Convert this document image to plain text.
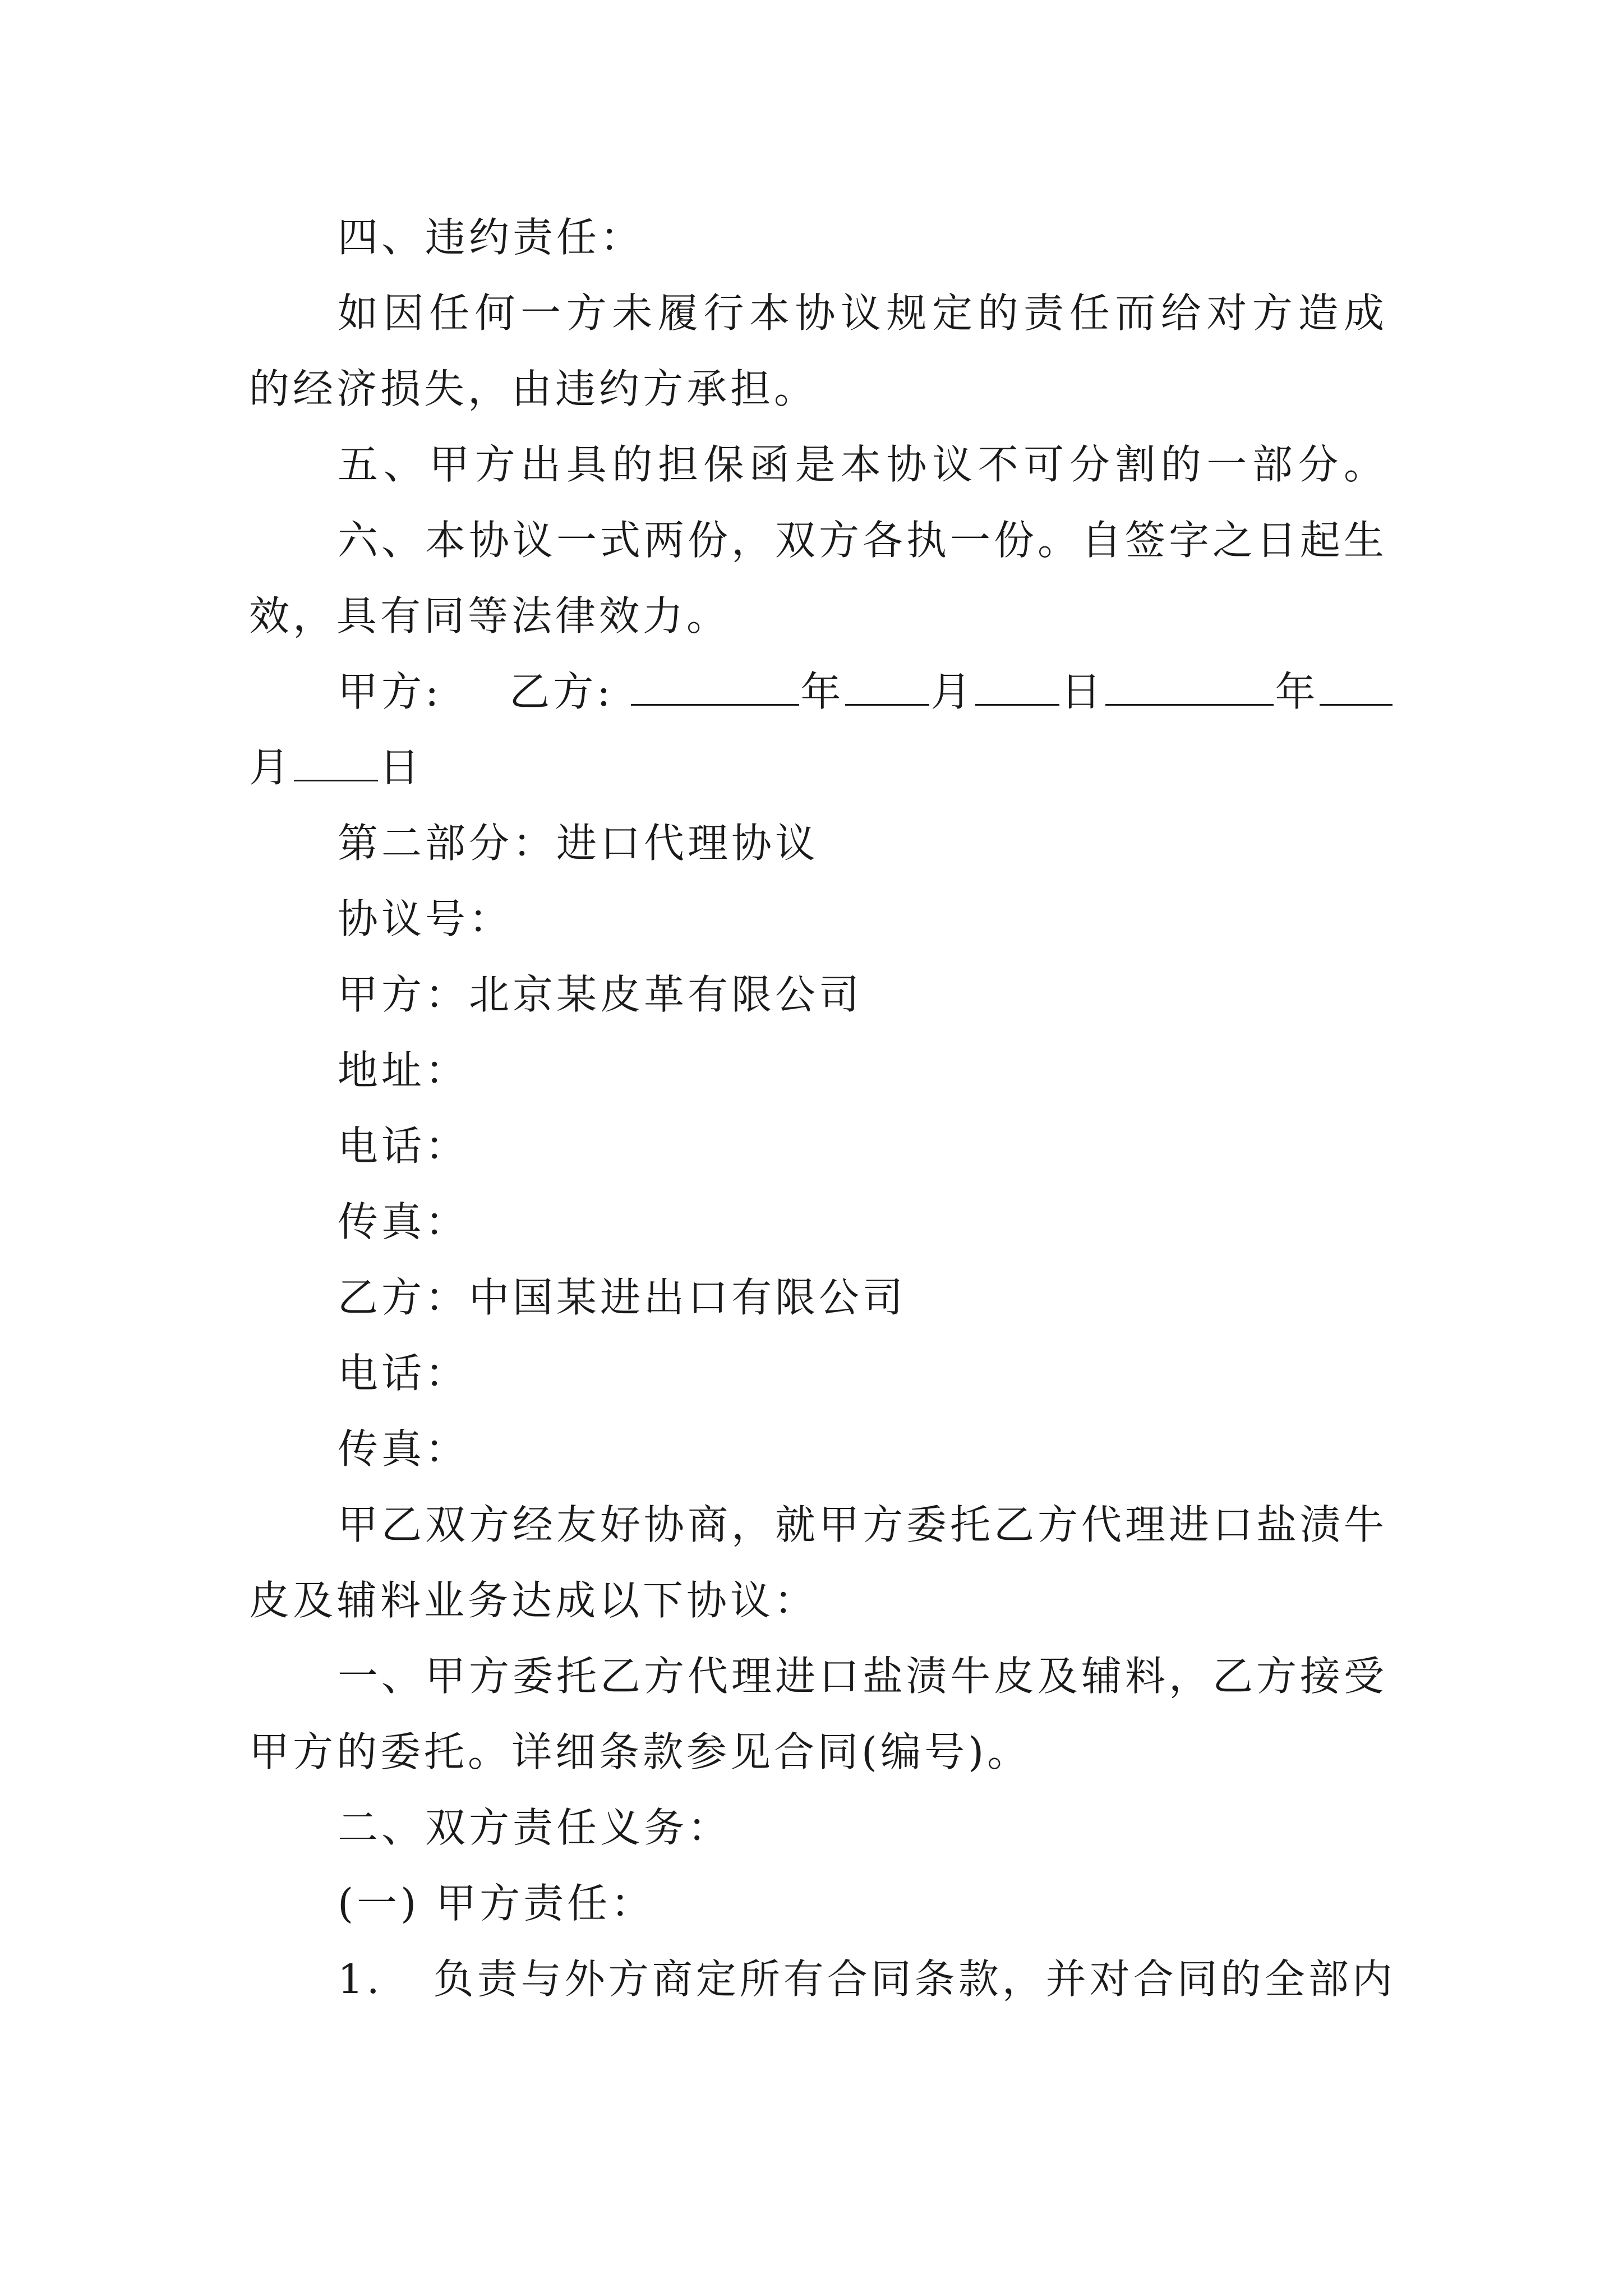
四、违约责任：
如因任何一方未履行本协议规定的责任而给对方造成
的经济损失，由违约方承担。
五、甲方出具的担保函是本协议不可分割的一部分。
六、本协议一式两份，双方各执一份。自签字之日起生
效，具有同等法律效力。
甲方: 乙方:	年 月 日	年
月 日
第二部分：进口代理协议
协议号：
甲方：北京某皮革有限公司
地址：
电话：
传真：
乙方：中国某进出口有限公司
电话：
传真：
甲乙双方经友好协商，就甲方委托乙方代理进口盐渍牛
皮及辅料业务达成以下协议：
一、甲方委托乙方代理进口盐渍牛皮及辅料，乙方接受
甲方的委托。详细条款参见合同(编号)。
二、双方责任义务：
(一) 甲方责任：
1. 负责与外方商定所有合同条款，并对合同的全部内
